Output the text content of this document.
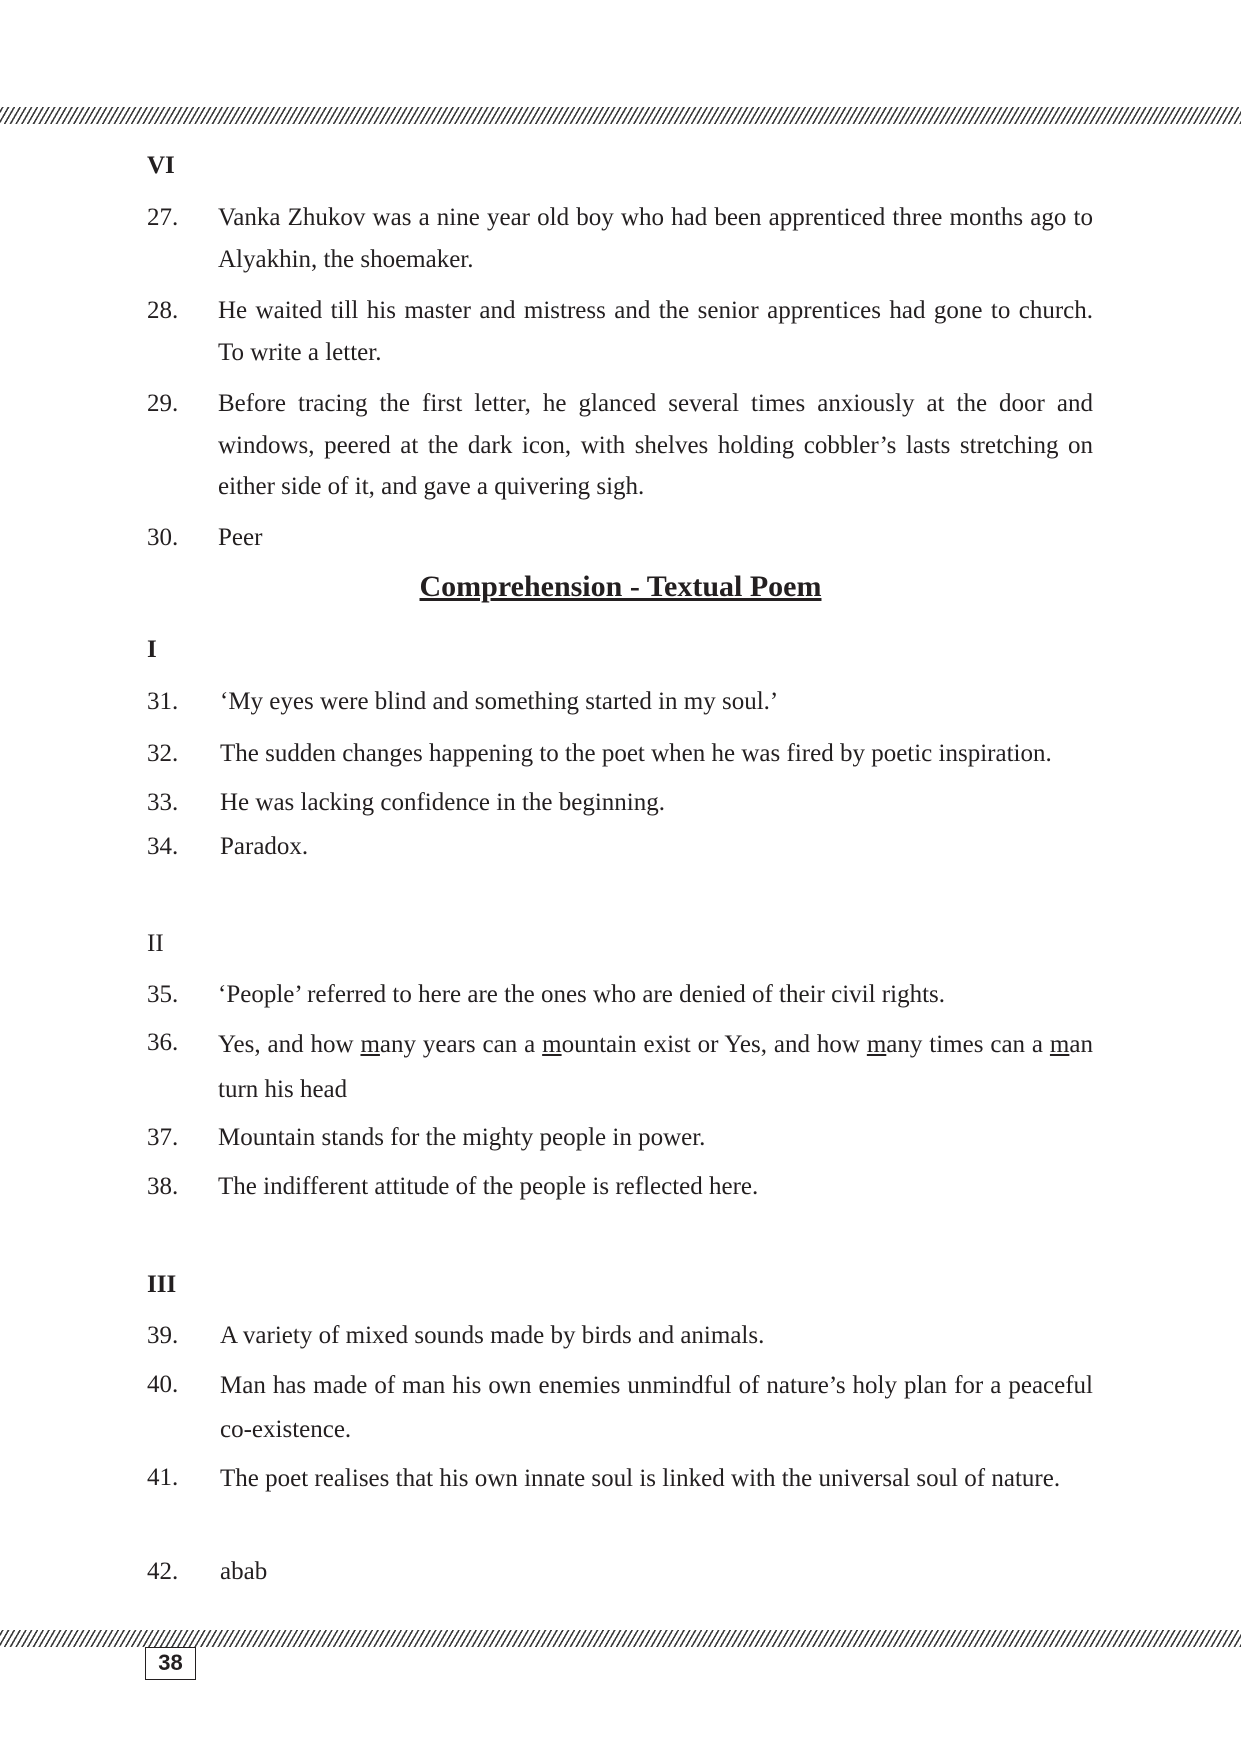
VI
27. Vanka Zhukov was a nine year old boy who had been apprenticed three months ago to Alyakhin, the shoemaker.
28. He waited till his master and mistress and the senior apprentices had gone to church. To write a letter.
29. Before tracing the first letter, he glanced several times anxiously at the door and windows, peered at the dark icon, with shelves holding cobbler’s lasts stretching on either side of it, and gave a quivering sigh.
30. Peer
Comprehension - Textual Poem
I
31. ‘My eyes were blind and something started in my soul.’
32. The sudden changes happening to the poet when he was fired by poetic inspiration.
33. He was lacking confidence in the beginning.
34. Paradox.
II
35. ‘People’ referred to here are the ones who are denied of their civil rights.
36. Yes, and how many years can a mountain exist or Yes, and how many times can a man turn his head
37. Mountain stands for the mighty people in power.
38. The indifferent attitude of the people is reflected here.
III
39. A variety of mixed sounds made by birds and animals.
40. Man has made of man his own enemies unmindful of nature’s holy plan for a peaceful co-existence.
41. The poet realises that his own innate soul is linked with the universal soul of nature.
42. abab
38
